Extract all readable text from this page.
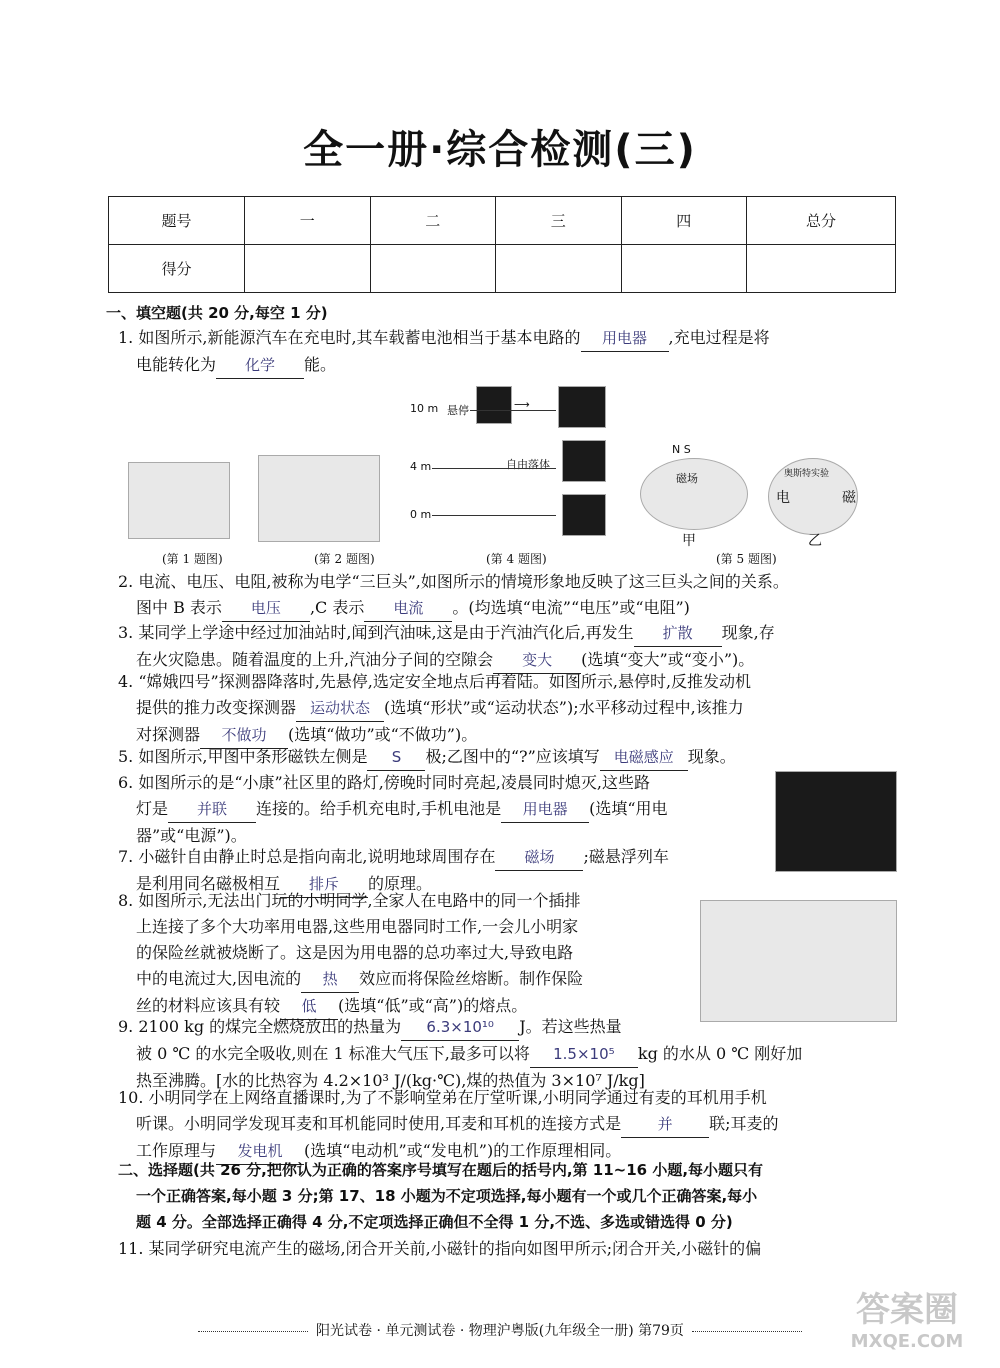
全一册·综合检测(三)
题号	一	二	三	四	总分
得分					
一、填空题(共 20 分,每空 1 分)
1. 如图所示,新能源汽车在充电时,其车载蓄电池相当于基本电路的 用电器 ,充电过程是将
电能转化为 化学 能。
10 m 悬停	⟶
4 m	自由落体
0 m
N S
磁场
甲
奥斯特实验
电	磁
乙
(第 1 题图)	(第 2 题图)	(第 4 题图)	(第 5 题图)
2. 电流、电压、电阻,被称为电学“三巨头”,如图所示的情境形象地反映了这三巨头之间的关系。
图中 B 表示 电压 ,C 表示 电流 。(均选填“电流”“电压”或“电阻”)
3. 某同学上学途中经过加油站时,闻到汽油味,这是由于汽油汽化后,再发生 扩散 现象,存
在火灾隐患。随着温度的上升,汽油分子间的空隙会 变大 (选填“变大”或“变小”)。
4. “嫦娥四号”探测器降落时,先悬停,选定安全地点后再着陆。如图所示,悬停时,反推发动机
提供的推力改变探测器 运动状态 (选填“形状”或“运动状态”);水平移动过程中,该推力
对探测器 不做功 (选填“做功”或“不做功”)。
5. 如图所示,甲图中条形磁铁左侧是 S 极;乙图中的“?”应该填写 电磁感应 现象。
6. 如图所示的是“小康”社区里的路灯,傍晚时同时亮起,凌晨同时熄灭,这些路
灯是 并联 连接的。给手机充电时,手机电池是 用电器 (选填“用电
器”或“电源”)。
7. 小磁针自由静止时总是指向南北,说明地球周围存在 磁场 ;磁悬浮列车
是利用同名磁极相互 排斥 的原理。
8. 如图所示,无法出门玩的小明同学,全家人在电路中的同一个插排
上连接了多个大功率用电器,这些用电器同时工作,一会儿小明家
的保险丝就被烧断了。这是因为用电器的总功率过大,导致电路
中的电流过大,因电流的 热 效应而将保险丝熔断。制作保险
丝的材料应该具有较 低 (选填“低”或“高”)的熔点。
9. 2100 kg 的煤完全燃烧放出的热量为 6.3×10¹⁰ J。若这些热量
被 0 ℃ 的水完全吸收,则在 1 标准大气压下,最多可以将 1.5×10⁵ kg 的水从 0 ℃ 刚好加
热至沸腾。[水的比热容为 4.2×10³ J/(kg·℃),煤的热值为 3×10⁷ J/kg]
10. 小明同学在上网络直播课时,为了不影响堂弟在厅堂听课,小明同学通过有麦的耳机用手机
听课。小明同学发现耳麦和耳机能同时使用,耳麦和耳机的连接方式是 并 联;耳麦的
工作原理与 发电机 (选填“电动机”或“发电机”)的工作原理相同。
二、选择题(共 26 分,把你认为正确的答案序号填写在题后的括号内,第 11~16 小题,每小题只有
一个正确答案,每小题 3 分;第 17、18 小题为不定项选择,每小题有一个或几个正确答案,每小
题 4 分。全部选择正确得 4 分,不定项选择正确但不全得 1 分,不选、多选或错选得 0 分)
11. 某同学研究电流产生的磁场,闭合开关前,小磁针的指向如图甲所示;闭合开关,小磁针的偏
阳光试卷 · 单元测试卷 · 物理沪粤版(九年级全一册) 第79页
答案圈
MXQE.COM
